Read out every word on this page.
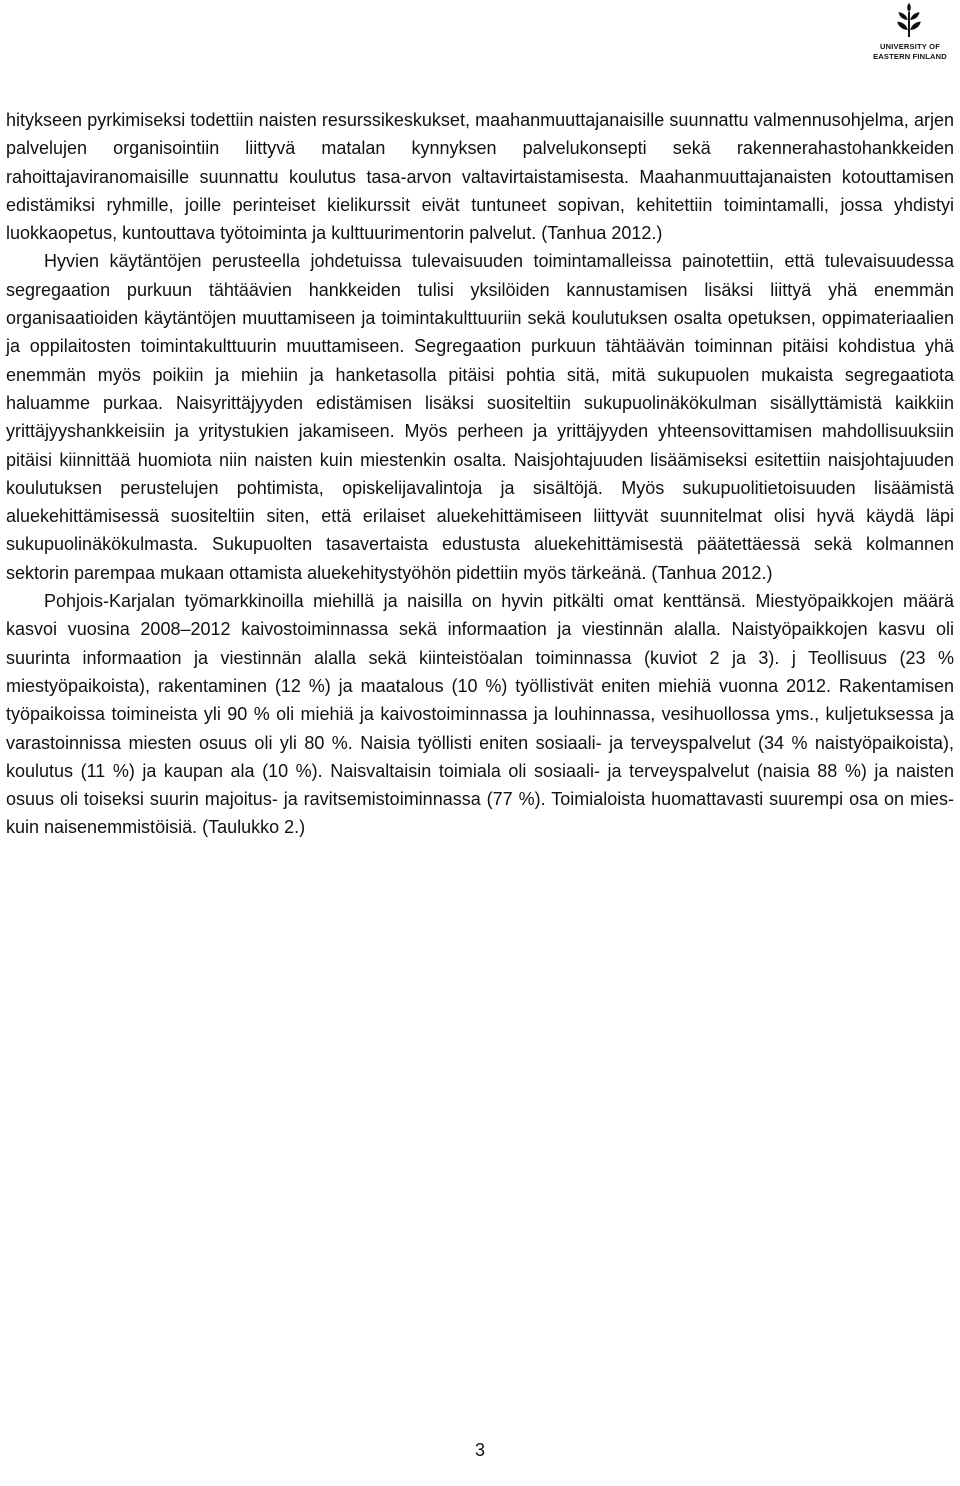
UNIVERSITY OF
EASTERN FINLAND

hitykseen pyrkimiseksi todettiin naisten resurssikeskukset, maahanmuuttajanaisille suunnattu valmennusohjelma, arjen palvelujen organisointiin liittyvä matalan kynnyksen palvelukonsepti sekä rakennerahastohankkeiden rahoittajaviranomaisille suunnattu koulutus tasa-arvon valtavirtaistamisesta. Maahanmuuttajanaisten kotouttamisen edistämiksi ryhmille, joille perinteiset kielikurssit eivät tuntuneet sopivan, kehitettiin toimintamalli, jossa yhdistyi luokkaopetus, kuntouttava työtoiminta ja kulttuurimentorin palvelut. (Tanhua 2012.)

Hyvien käytäntöjen perusteella johdetuissa tulevaisuuden toimintamalleissa painotettiin, että tulevaisuudessa segregaation purkuun tähtäävien hankkeiden tulisi yksilöiden kannustamisen lisäksi liittyä yhä enemmän organisaatioiden käytäntöjen muuttamiseen ja toimintakulttuuriin sekä koulutuksen osalta opetuksen, oppimateriaalien ja oppilaitosten toimintakulttuurin muuttamiseen. Segregaation purkuun tähtäävän toiminnan pitäisi kohdistua yhä enemmän myös poikiin ja miehiin ja hanketasolla pitäisi pohtia sitä, mitä sukupuolen mukaista segregaatiota haluamme purkaa. Naisyrittäjyyden edistämisen lisäksi suositeltiin sukupuolinäkökulman sisällyttämistä kaikkiin yrittäjyyshankkeisiin ja yritystukien jakamiseen. Myös perheen ja yrittäjyyden yhteensovittamisen mahdollisuuksiin pitäisi kiinnittää huomiota niin naisten kuin miestenkin osalta. Naisjohtajuuden lisäämiseksi esitettiin naisjohtajuuden koulutuksen perustelujen pohtimista, opiskelijavalintoja ja sisältöjä. Myös sukupuolitietoisuuden lisäämistä aluekehittämisessä suositeltiin siten, että erilaiset aluekehittämiseen liittyvät suunnitelmat olisi hyvä käydä läpi sukupuolinäkökulmasta. Sukupuolten tasavertaista edustusta aluekehittämisestä päätettäessä sekä kolmannen sektorin parempaa mukaan ottamista aluekehitystyöhön pidettiin myös tärkeänä. (Tanhua 2012.)

Pohjois-Karjalan työmarkkinoilla miehillä ja naisilla on hyvin pitkälti omat kenttänsä. Miestyöpaikkojen määrä kasvoi vuosina 2008–2012 kaivostoiminnassa sekä informaation ja viestinnän alalla. Naistyöpaikkojen kasvu oli suurinta informaation ja viestinnän alalla sekä kiinteistöalan toiminnassa (kuviot 2 ja 3). j Teollisuus (23 % miestyöpaikoista), rakentaminen (12 %) ja maatalous (10 %) työllistivät eniten miehiä vuonna 2012. Rakentamisen työpaikoissa toimineista yli 90 % oli miehiä ja kaivostoiminnassa ja louhinnassa, vesihuollossa yms., kuljetuksessa ja varastoinnissa miesten osuus oli yli 80 %. Naisia työllisti eniten sosiaali- ja terveyspalvelut (34 % naistyöpaikoista), koulutus (11 %) ja kaupan ala (10 %). Naisvaltaisin toimiala oli sosiaali- ja terveyspalvelut (naisia 88 %) ja naisten osuus oli toiseksi suurin majoitus- ja ravitsemistoiminnassa (77 %). Toimialoista huomattavasti suurempi osa on mies- kuin naisenemmistöisiä. (Taulukko 2.)

3
